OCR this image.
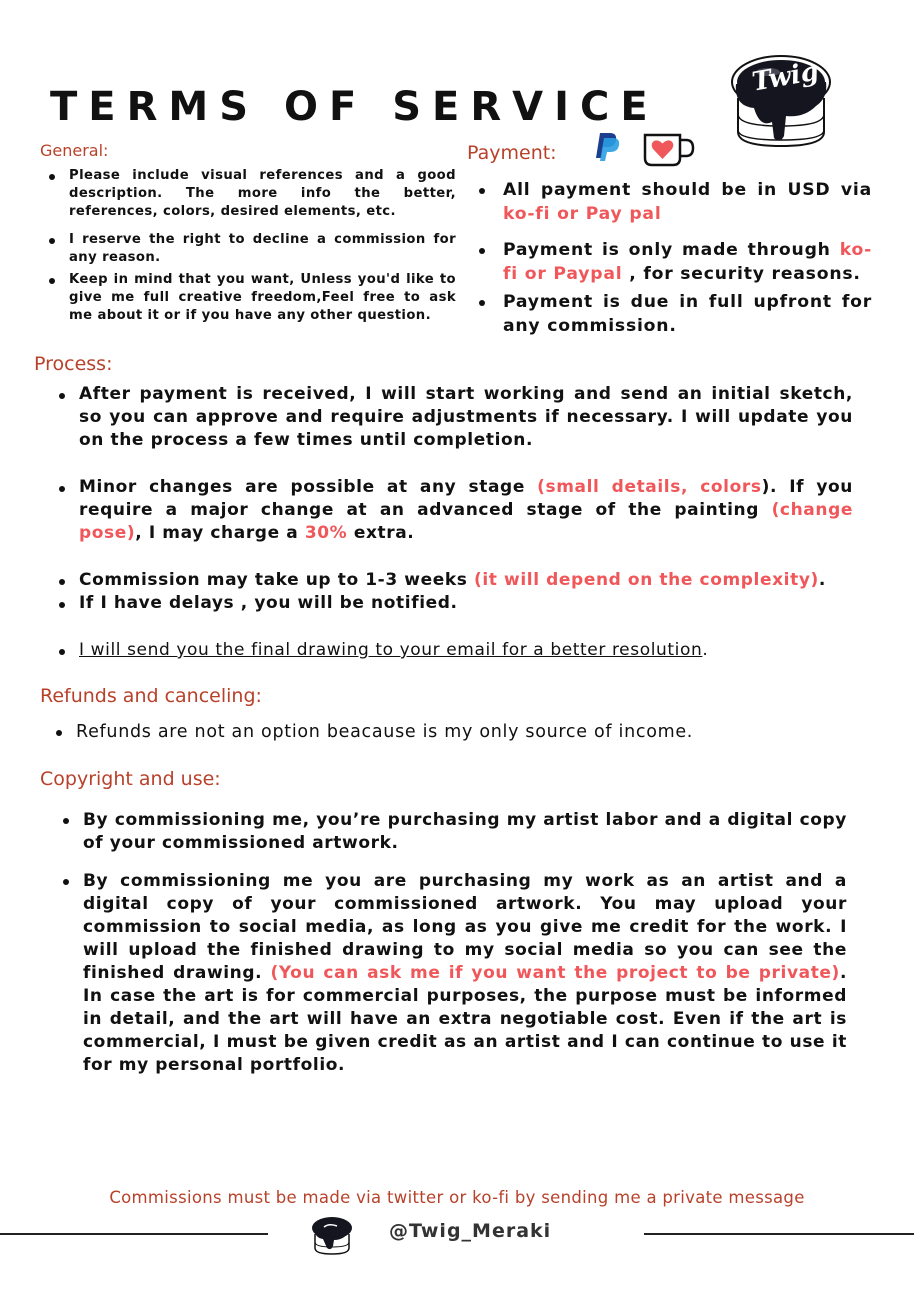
TERMS OF SERVICE
Twig
General:
Please include visual references and a good description. The more info the better, references, colors, desired elements, etc.
I reserve the right to decline a commission for any reason.
Keep in mind that you want, Unless you'd like to give me full creative freedom,Feel free to ask me about it or if you have any other question.
Payment:
All payment should be in USD via ko-fi or Pay pal
Payment is only made through ko-fi or Paypal , for security reasons.
Payment is due in full upfront for any commission.
Process:
After payment is received, I will start working and send an initial sketch, so you can approve and require adjustments if necessary. I will update you on the process a few times until completion.
Minor changes are possible at any stage (small details, colors). If you require a major change at an advanced stage of the painting (change pose), I may charge a 30% extra.
Commission may take up to 1-3 weeks (it will depend on the complexity).
If I have delays , you will be notified.
I will send you the final drawing to your email for a better resolution.
Refunds and canceling:
Refunds are not an option beacause is my only source of income.
Copyright and use:
By commissioning me, you’re purchasing my artist labor and a digital copy of your commissioned artwork.
By commissioning me you are purchasing my work as an artist and a digital copy of your commissioned artwork. You may upload your commission to social media, as long as you give me credit for the work. I will upload the finished drawing to my social media so you can see the finished drawing. (You can ask me if you want the project to be private). In case the art is for commercial purposes, the purpose must be informed in detail, and the art will have an extra negotiable cost. Even if the art is commercial, I must be given credit as an artist and I can continue to use it for my personal portfolio.
Commissions must be made via twitter or ko-fi by sending me a private message
@Twig_Meraki
